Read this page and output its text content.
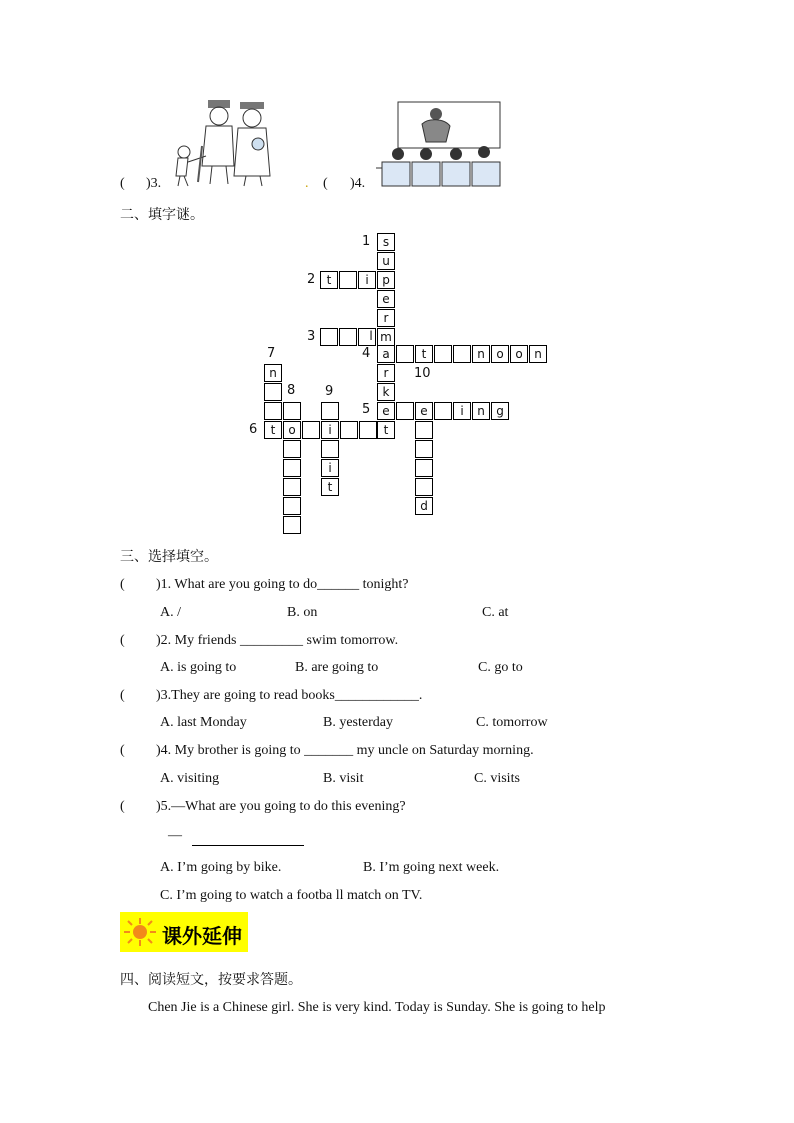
( )3.	. ( )4.
二、填字谜。
1
2
3
4
5
6
7
8 9
10
s
u
p
e
r
m
a
r
k
e
t
t	i
l
t	n o o n
e	i	n g
n
t	o	i
i
t
d
三、选择填空。
( )1. What are you going to do______ tonight?
A. /	B. on	C. at
( )2. My friends _________ swim tomorrow.
A. is going to	B. are going to	C. go to
( )3.They are going to read books____________.
A. last Monday	B. yesterday	C. tomorrow
( )4. My brother is going to _______ my uncle on Saturday morning.
A. visiting	B. visit	C. visits
( )5.—What are you going to do this evening?
—
A. I’m going by bike.	B. I’m going next week.
C. I’m going to watch a footba ll match on TV.
课外延伸
四、阅读短文，按要求答题。
Chen Jie is a Chinese girl. She is very kind. Today is Sunday. She is going to help
